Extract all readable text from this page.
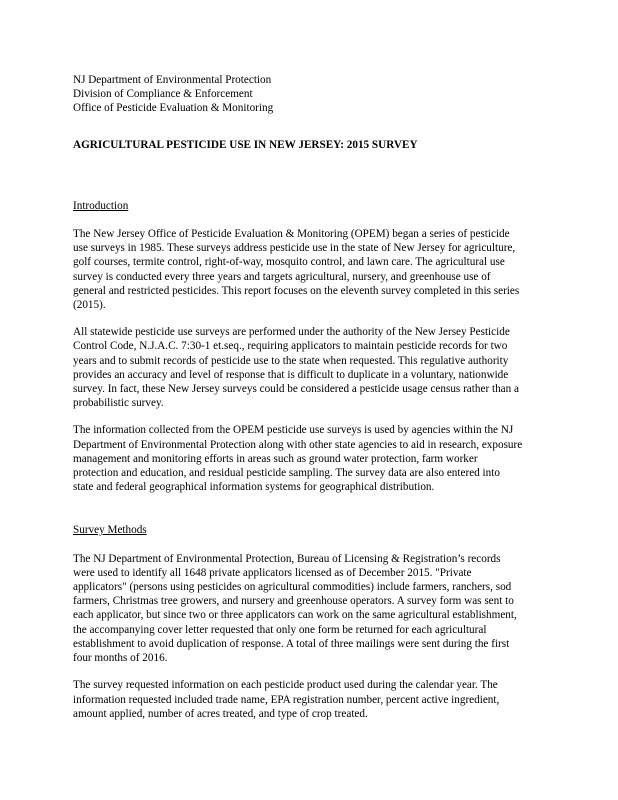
NJ Department of Environmental Protection
Division of Compliance & Enforcement
Office of Pesticide Evaluation & Monitoring
AGRICULTURAL PESTICIDE USE IN NEW JERSEY: 2015 SURVEY
Introduction

The New Jersey Office of Pesticide Evaluation & Monitoring (OPEM) began a series of pesticide
use surveys in 1985. These surveys address pesticide use in the state of New Jersey for agriculture,
golf courses, termite control, right-of-way, mosquito control, and lawn care. The agricultural use
survey is conducted every three years and targets agricultural, nursery, and greenhouse use of
general and restricted pesticides. This report focuses on the eleventh survey completed in this series
(2015).

All statewide pesticide use surveys are performed under the authority of the New Jersey Pesticide
Control Code, N.J.A.C. 7:30-1 et.seq., requiring applicators to maintain pesticide records for two
years and to submit records of pesticide use to the state when requested. This regulative authority
provides an accuracy and level of response that is difficult to duplicate in a voluntary, nationwide
survey. In fact, these New Jersey surveys could be considered a pesticide usage census rather than a
probabilistic survey.

The information collected from the OPEM pesticide use surveys is used by agencies within the NJ
Department of Environmental Protection along with other state agencies to aid in research, exposure
management and monitoring efforts in areas such as ground water protection, farm worker
protection and education, and residual pesticide sampling. The survey data are also entered into
state and federal geographical information systems for geographical distribution.

Survey Methods

The NJ Department of Environmental Protection, Bureau of Licensing & Registration’s records
were used to identify all 1648 private applicators licensed as of December 2015. "Private
applicators" (persons using pesticides on agricultural commodities) include farmers, ranchers, sod
farmers, Christmas tree growers, and nursery and greenhouse operators. A survey form was sent to
each applicator, but since two or three applicators can work on the same agricultural establishment,
the accompanying cover letter requested that only one form be returned for each agricultural
establishment to avoid duplication of response. A total of three mailings were sent during the first
four months of 2016.

The survey requested information on each pesticide product used during the calendar year. The
information requested included trade name, EPA registration number, percent active ingredient,
amount applied, number of acres treated, and type of crop treated.
